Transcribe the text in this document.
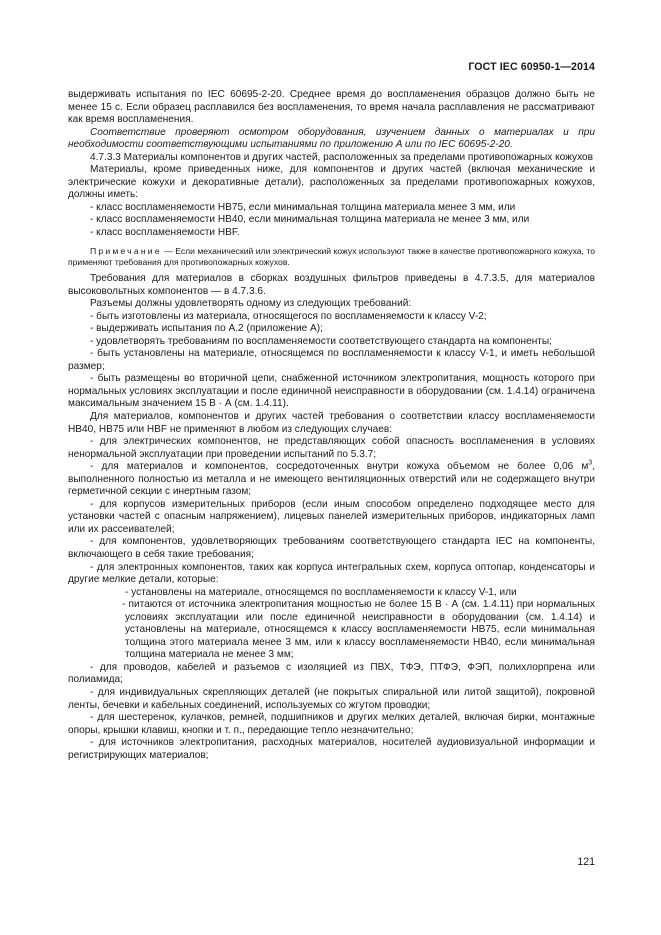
ГОСТ IEC 60950-1—2014

выдерживать испытания по IEC 60695-2-20. Среднее время до воспламенения образцов должно быть не менее 15 с. Если образец расплавился без воспламенения, то время начала расплавления не рассматривают как время воспламенения.

Соответствие проверяют осмотром оборудования, изучением данных о материалах и при необходимости соответствующими испытаниями по приложению A или по IEC 60695-2-20.

4.7.3.3 Материалы компонентов и других частей, расположенных за пределами противопожарных кожухов

Материалы, кроме приведенных ниже, для компонентов и других частей (включая механические и электрические кожухи и декоративные детали), расположенных за пределами противопожарных кожухов, должны иметь:

- класс воспламеняемости HB75, если минимальная толщина материала менее 3 мм, или

- класс воспламеняемости HB40, если минимальная толщина материала не менее 3 мм, или

- класс воспламеняемости HBF.

Примечание — Если механический или электрический кожух используют также в качестве противопожарного кожуха, то применяют требования для противопожарных кожухов.

Требования для материалов в сборках воздушных фильтров приведены в 4.7.3.5, для материалов высоковольтных компонентов — в 4.7.3.6.

Разъемы должны удовлетворять одному из следующих требований:

- быть изготовлены из материала, относящегося по воспламеняемости к классу V-2;

- выдерживать испытания по A.2 (приложение A);

- удовлетворять требованиям по воспламеняемости соответствующего стандарта на компоненты;

- быть установлены на материале, относящемся по воспламеняемости к классу V-1, и иметь небольшой размер;

- быть размещены во вторичной цепи, снабженной источником электропитания, мощность которого при нормальных условиях эксплуатации и после единичной неисправности в оборудовании (см. 1.4.14) ограничена максимальным значением 15 В · А (см. 1.4.11).

Для материалов, компонентов и других частей требования о соответствии классу воспламеняемости HB40, HB75 или HBF не применяют в любом из следующих случаев:

- для электрических компонентов, не представляющих собой опасность воспламенения в условиях ненормальной эксплуатации при проведении испытаний по 5.3.7;

- для материалов и компонентов, сосредоточенных внутри кожуха объемом не более 0,06 $м^3$, выполненного полностью из металла и не имеющего вентиляционных отверстий или не содержащего внутри герметичной секции с инертным газом;

- для корпусов измерительных приборов (если иным способом определено подходящее место для установки частей с опасным напряжением), лицевых панелей измерительных приборов, индикаторных ламп или их рассеивателей;

- для компонентов, удовлетворяющих требованиям соответствующего стандарта IEC на компоненты, включающего в себя такие требования;

- для электронных компонентов, таких как корпуса интегральных схем, корпуса оптопар, конденсаторы и другие мелкие детали, которые:

- установлены на материале, относящемся по воспламеняемости к классу V-1, или

- питаются от источника электропитания мощностью не более 15 В · А (см. 1.4.11) при нормальных условиях эксплуатации или после единичной неисправности в оборудовании (см. 1.4.14) и установлены на материале, относящемся к классу воспламеняемости HB75, если минимальная толщина этого материала менее 3 мм, или к классу воспламеняемости HB40, если минимальная толщина материала не менее 3 мм;

- для проводов, кабелей и разъемов с изоляцией из ПВХ, ТФЭ, ПТФЭ, ФЭП, полихлорпрена или полиамида;

- для индивидуальных скрепляющих деталей (не покрытых спиральной или литой защитой), покровной ленты, бечевки и кабельных соединений, используемых со жгутом проводки;

- для шестеренок, кулачков, ремней, подшипников и других мелких деталей, включая бирки, монтажные опоры, крышки клавиш, кнопки и т. п., передающие тепло незначительно;

- для источников электропитания, расходных материалов, носителей аудиовизуальной информации и регистрирующих материалов;

121
